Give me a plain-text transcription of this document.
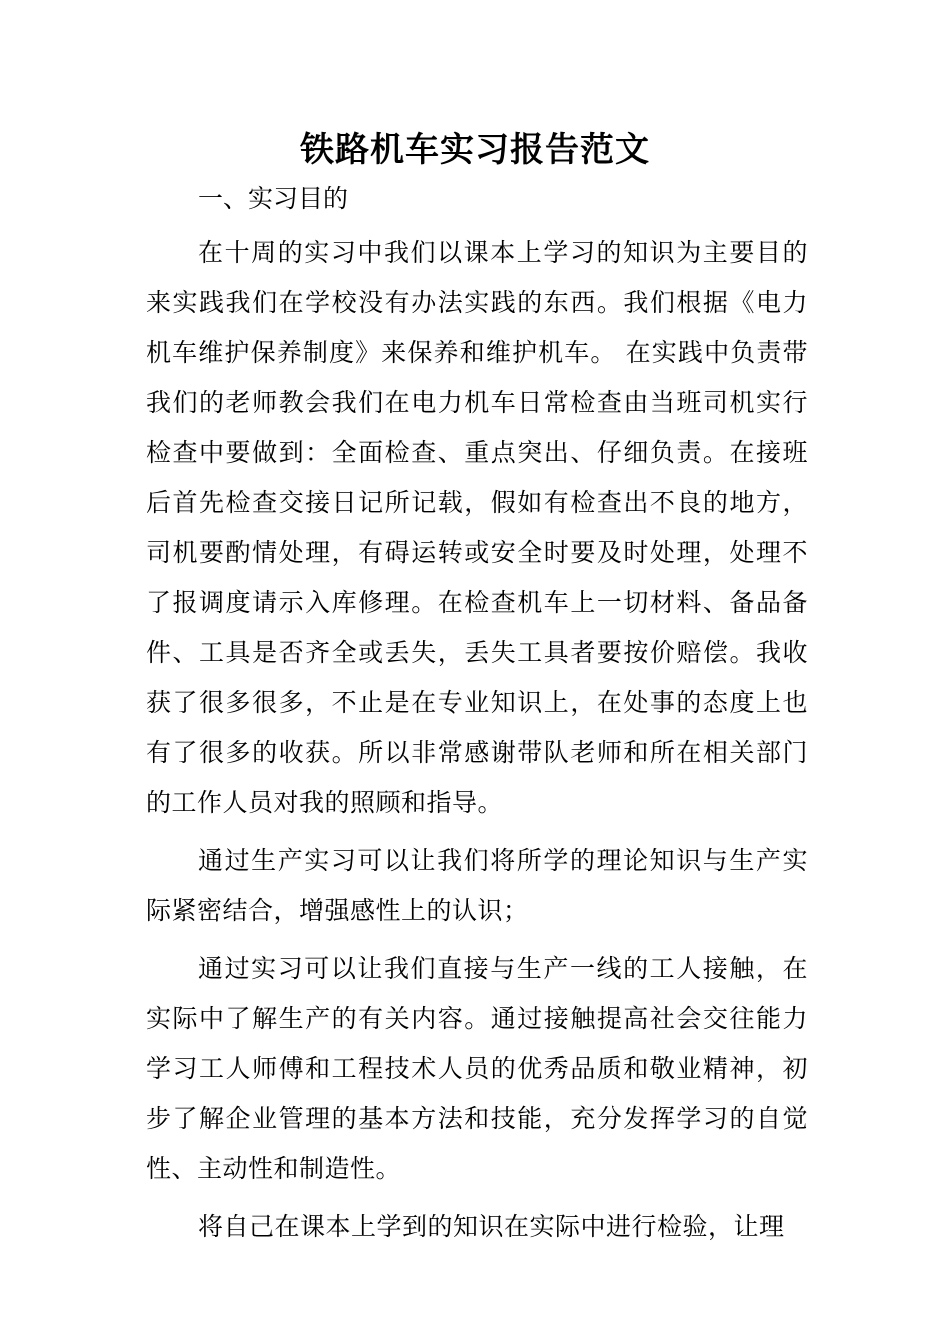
铁路机车实习报告范文

一、实习目的

在十周的实习中我们以课本上学习的知识为主要目的来实践我们在学校没有办法实践的东西。我们根据《电力机车维护保养制度》来保养和维护机车。 在实践中负责带我们的老师教会我们在电力机车日常检查由当班司机实行检查中要做到：全面检查、重点突出、仔细负责。在接班后首先检查交接日记所记载，假如有检查出不良的地方，司机要酌情处理，有碍运转或安全时要及时处理，处理不了报调度请示入库修理。在检查机车上一切材料、备品备件、工具是否齐全或丢失，丢失工具者要按价赔偿。我收获了很多很多，不止是在专业知识上，在处事的态度上也有了很多的收获。所以非常感谢带队老师和所在相关部门的工作人员对我的照顾和指导。

通过生产实习可以让我们将所学的理论知识与生产实际紧密结合，增强感性上的认识；

通过实习可以让我们直接与生产一线的工人接触，在实际中了解生产的有关内容。通过接触提高社会交往能力学习工人师傅和工程技术人员的优秀品质和敬业精神，初步了解企业管理的基本方法和技能，充分发挥学习的自觉性、主动性和制造性。

将自己在课本上学到的知识在实际中进行检验，让理
